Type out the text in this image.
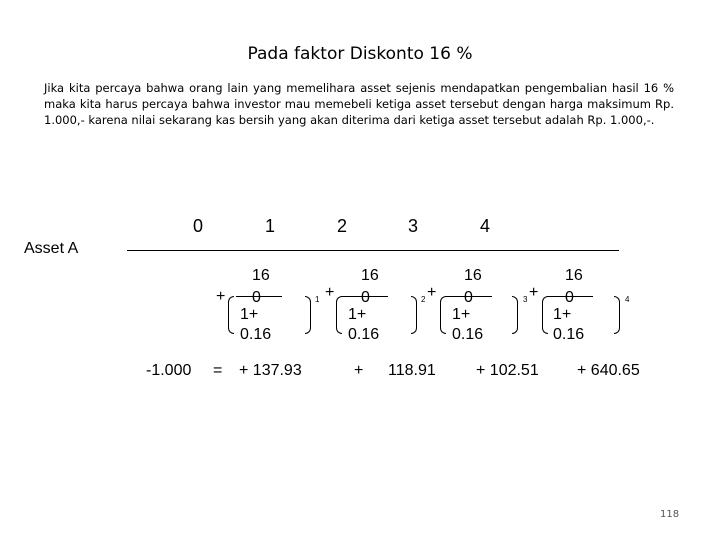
Pada faktor Diskonto 16 %
Jika kita percaya bahwa orang lain yang memelihara asset sejenis mendapatkan pengembalian hasil 16 % maka kita harus percaya bahwa investor mau memebeli ketiga asset tersebut dengan harga maksimum Rp. 1.000,- karena nilai sekarang kas bersih yang akan diterima dari ketiga asset tersebut adalah Rp. 1.000,-.
0	1	2	3	4
Asset A
+
16
0
1+
0.16
1 +
16
0
1+
0.16
2 +
16
0
1+
0.16
3 +
16
0
1+
0.16
4
-1.000 = + 137.93	+ 118.91	+ 102.51 + 640.65
118
